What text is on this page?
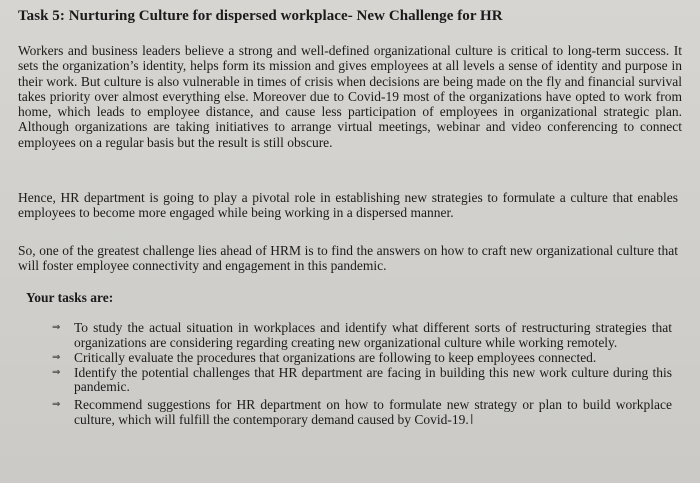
Task 5: Nurturing Culture for dispersed workplace- New Challenge for HR

Workers and business leaders believe a strong and well-defined organizational culture is critical to long-term success. It sets the organization’s identity, helps form its mission and gives employees at all levels a sense of identity and purpose in their work. But culture is also vulnerable in times of crisis when decisions are being made on the fly and financial survival takes priority over almost everything else. Moreover due to Covid-19 most of the organizations have opted to work from home, which leads to employee distance, and cause less participation of employees in organizational strategic plan. Although organizations are taking initiatives to arrange virtual meetings, webinar and video conferencing to connect employees on a regular basis but the result is still obscure.

Hence, HR department is going to play a pivotal role in establishing new strategies to formulate a culture that enables employees to become more engaged while being working in a dispersed manner.

So, one of the greatest challenge lies ahead of HRM is to find the answers on how to craft new organizational culture that will foster employee connectivity and engagement in this pandemic.

Your tasks are:
⇒	To study the actual situation in workplaces and identify what different sorts of restructuring strategies that organizations are considering regarding creating new organizational culture while working remotely.
⇒	Critically evaluate the procedures that organizations are following to keep employees connected.
⇒	Identify the potential challenges that HR department are facing in building this new work culture during this pandemic.
⇒	Recommend suggestions for HR department on how to formulate new strategy or plan to build workplace culture, which will fulfill the contemporary demand caused by Covid-19.I
